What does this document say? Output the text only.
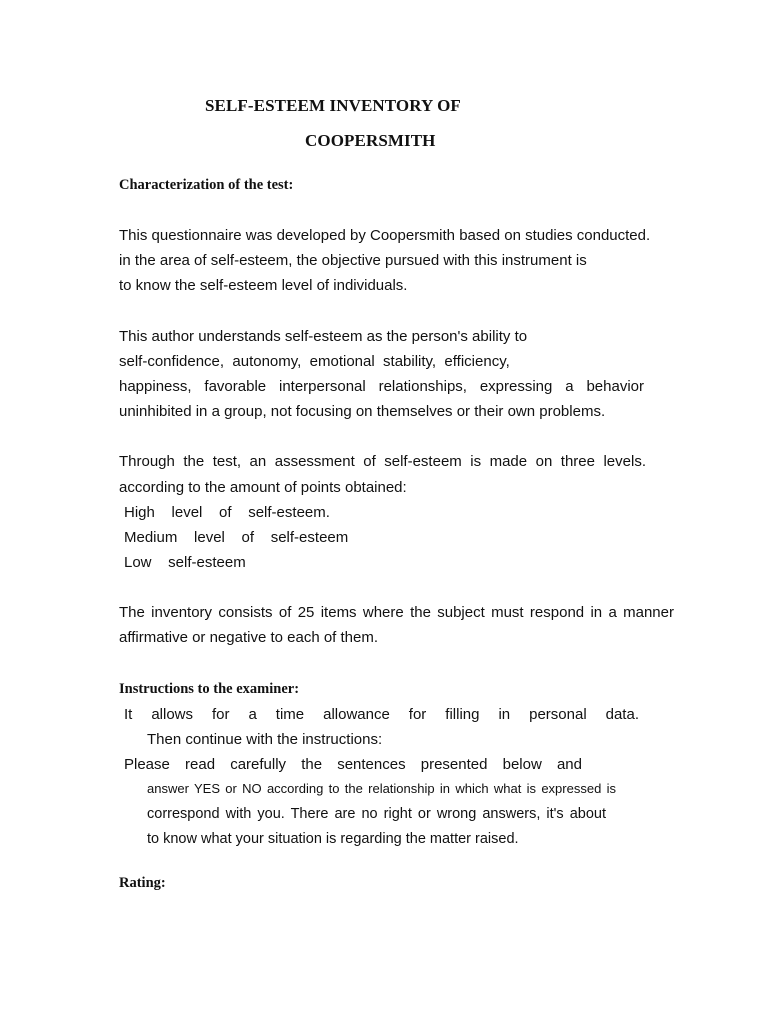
SELF-ESTEEM INVENTORY OF
COOPERSMITH
Characterization of the test:
This questionnaire was developed by Coopersmith based on studies conducted.
in the area of self-esteem, the objective pursued with this instrument is
to know the self-esteem level of individuals.
This author understands self-esteem as the person's ability to
self-confidence,  autonomy,  emotional  stability,  efficiency,
happiness, favorable interpersonal relationships, expressing a behavior
uninhibited in a group, not focusing on themselves or their own problems.
Through the test, an assessment of self-esteem is made on three levels.
according to the amount of points obtained:
High    level    of    self-esteem.
Medium    level    of    self-esteem
Low    self-esteem
The inventory consists of 25 items where the subject must respond in a manner
affirmative or negative to each of them.
Instructions to the examiner:
It allows for a time allowance for filling in personal data.
Then continue with the instructions:
Please read carefully the sentences presented below and
answer YES or NO according to the relationship in which what is expressed is
correspond with you. There are no right or wrong answers, it's about
to know what your situation is regarding the matter raised.
Rating:
